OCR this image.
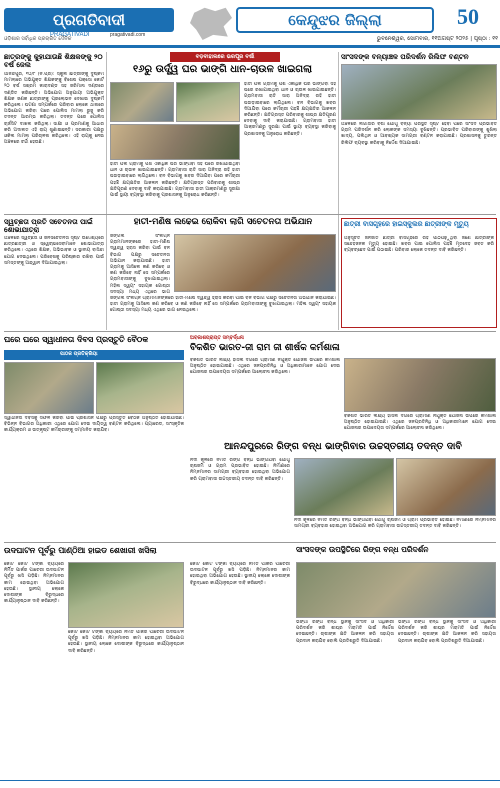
ଓଡ଼ିଶାର ସର୍ବାଧିକ ପ୍ରଚାରିତ ଦୈନିକ
ପ୍ରଗତିବାଦୀ
PRAGATIVADI	pragativadi.com
କେନ୍ଦୁଝର ଜିଲ୍ଲା	50
ଭୁବନେଶ୍ୱର, ସୋମବାର, ୧୧ଅଗଷ୍ଟ ୨୦୨୫ | ପୃଷ୍ଠା : ୧୧
ଛାତ୍ରଙ୍କୁ କୁହାଯାଉଛି ଶିକ୍ଷକଙ୍କୁ ୨୦ ବର୍ଷ ଜେଲ
ଆନନ୍ଦପୁର, ୧୦/୮ (ନି.ପ୍ର): ସ୍କୁଲ ଛାତ୍ରୀଙ୍କୁ ଦୁଷ୍କର୍ମ ମାମଲାରେ ଅଭିଯୁକ୍ତ ଶିକ୍ଷକଙ୍କୁ ବିଶେଷ ପକ୍ସୋ କୋର୍ଟ ୨୦ ବର୍ଷ ସଶ୍ରମ କାରାଦଣ୍ଡ ସହ ଜରିମାନା ଦଣ୍ଡରେ ଦଣ୍ଡିତ କରିଛନ୍ତି। ଅଭିଯୋଗ ଅନୁଯାୟୀ ଅଭିଯୁକ୍ତ ଶିକ୍ଷକ ଜଣକ ଛାତ୍ରୀଙ୍କୁ ପ୍ରଲୋଭନ ଦେଖାଇ ଦୁଷ୍କର୍ମ କରିଥିଲେ। ଘଟଣା ସମ୍ପର୍କରେ ପରିବାର ଲୋକେ ଥାନାରେ ଅଭିଯୋଗ କରିବା ପରେ ପୋଲିସ ମାମଲା ରୁଜୁ କରି ତଦନ୍ତ ଆରମ୍ଭ କରିଥିଲା। ତଦନ୍ତ ପରେ ପୋଲିସ ଚାର୍ଜସିଟ ଦାଖଲ କରିଥିଲା। ସାକ୍ଷୀ ଓ ପ୍ରମାଣକୁ ଆଧାର କରି ଅଦାଲତ ଏହି ରାୟ ଶୁଣାଇଛନ୍ତି। ସରକାରୀ ପକ୍ଷରୁ ଓକିଲ ମାମଲା ପରିଚାଳନା କରିଥିଲେ। ଏହି ରାୟକୁ ନେଇ ଅଞ୍ଚଳରେ ଚର୍ଚ୍ଚା ହେଉଛି।
ବଡ଼ବାହାଲରେ ଭରପୂର ବର୍ଷା
୧୬ରୁ ଉର୍ଦ୍ଧ୍ୱ ଘର ଭାଙ୍ଗି ଧାନ-ଚାଉଳ ଖାଇଗଲା
ହାତୀ ପଲ ଗ୍ରାମକୁ ପଶି ଏକାଧିକ ଘର ଭାଙ୍ଗିବା ସହ ଘରେ ରଖାଯାଇଥିବା ଧାନ ଓ ଚାଉଳ ଖାଇଯାଇଛନ୍ତି। ଗ୍ରାମବାସୀ ରାତି ସାରା ଅନିଦ୍ରା ରହି ହାତୀ ଘଉଡ଼ାଇବାରେ ଲାଗିଥିଲେ। ବନ ବିଭାଗକୁ ଖବର ଦିଆଯିବା ପରେ କର୍ମଚାରୀ ପହଞ୍ଚି କ୍ଷୟକ୍ଷତିର ଆକଳନ କରିଛନ୍ତି। କ୍ଷତିଗ୍ରସ୍ତ ପରିବାରକୁ ଶୀଘ୍ର କ୍ଷତିପୂରଣ ଦେବାକୁ ଦାବି କରାଯାଇଛି। ଗ୍ରାମବାସୀ ହାତୀ ଆକ୍ରମଣରୁ ସୁରକ୍ଷା ପାଇଁ ସ୍ଥାୟୀ ବ୍ୟବସ୍ଥା କରିବାକୁ ପ୍ରଶାସନକୁ ଅନୁରୋଧ କରିଛନ୍ତି।
ହାତୀ ପଲ ଗ୍ରାମକୁ ପଶି ଏକାଧିକ ଘର ଭାଙ୍ଗିବା ସହ ଘରେ ରଖାଯାଇଥିବା ଧାନ ଓ ଚାଉଳ ଖାଇଯାଇଛନ୍ତି। ଗ୍ରାମବାସୀ ରାତି ସାରା ଅନିଦ୍ରା ରହି ହାତୀ ଘଉଡ଼ାଇବାରେ ଲାଗିଥିଲେ। ବନ ବିଭାଗକୁ ଖବର ଦିଆଯିବା ପରେ କର୍ମଚାରୀ ପହଞ୍ଚି କ୍ଷୟକ୍ଷତିର ଆକଳନ କରିଛନ୍ତି। କ୍ଷତିଗ୍ରସ୍ତ ପରିବାରକୁ ଶୀଘ୍ର କ୍ଷତିପୂରଣ ଦେବାକୁ ଦାବି କରାଯାଇଛି। ଗ୍ରାମବାସୀ ହାତୀ ଆକ୍ରମଣରୁ ସୁରକ୍ଷା ପାଇଁ ସ୍ଥାୟୀ ବ୍ୟବସ୍ଥା କରିବାକୁ ପ୍ରଶାସନକୁ ଅନୁରୋଧ କରିଛନ୍ତି।
ସାଂସଦଙ୍କ ବନ୍ୟାଞ୍ଚଳ ପରିଦର୍ଶନ ରିଲିଫ ବଣ୍ଟନ
ଅଞ୍ଚଳରେ ଲଗାତାର ବର୍ଷା ଯୋଗୁଁ ବନ୍ୟା ପରିସ୍ଥିତି ସୃଷ୍ଟି ହେବା ପରେ ସାଂସଦ ପ୍ରଭାବିତ ଗ୍ରାମ ପରିଦର୍ଶନ କରି ଲୋକଙ୍କ ସମସ୍ୟା ବୁଝିଛନ୍ତି। ପ୍ରଭାବିତ ପରିବାରଙ୍କୁ ଶୁଖିଲା ଖାଦ୍ୟ, ପଲିଥିନ ଓ ଆବଶ୍ୟକ ସାମଗ୍ରୀ ବଣ୍ଟନ କରାଯାଇଛି। ପ୍ରଶାସନକୁ ତୁରନ୍ତ ରିଲିଫ ବ୍ୟବସ୍ଥା କରିବାକୁ ନିର୍ଦ୍ଦେଶ ଦିଆଯାଇଛି।
ସ୍ୱଚ୍ଛତା ପ୍ରତି ସଚେତନତା ପାଇଁ ଶୋଭାଯାତ୍ରା
ଅଞ୍ଚଳରେ ସ୍ୱଚ୍ଛତା ଓ ଜନସଚେତନତା ସୃଷ୍ଟି ଉଦ୍ଦେଶ୍ୟରେ ଛାତ୍ରଛାତ୍ରୀ ଓ ସ୍ୱେଚ୍ଛାସେବୀମାନେ ଶୋଭାଯାତ୍ରା କରିଥିଲେ। ଏଥିରେ ଶିକ୍ଷକ, ଅଭିଭାବକ ଓ ସ୍ଥାନୀୟ ବାସିନ୍ଦା ଯୋଗ ଦେଇଥିଲେ। ପରିବେଶକୁ ପରିଷ୍କାର ରଖିବା ପାଇଁ ସମସ୍ତଙ୍କୁ ଆହ୍ୱାନ ଦିଆଯାଇଥିଲା।
ହାତୀ-ମଣିଷ ଲଢେଇ ରୋକିବା ଲାଗି ସଚେତନତା ଅଭିଯାନ
ଜଙ୍ଗଲ ସଂଲଗ୍ନ ଗ୍ରାମମାନଙ୍କରେ ହାତୀ-ମଣିଷ ଦ୍ୱନ୍ଦ୍ୱ ହ୍ରାସ କରିବା ପାଇଁ ବନ ବିଭାଗ ପକ୍ଷରୁ ସଚେତନତା ଅଭିଯାନ କରାଯାଇଛି। ହାତୀ ଗ୍ରାମକୁ ଆସିଲେ କଣ କରିବେ ଓ କଣ କରିବେ ନାହିଁ ସେ ସମ୍ପର୍କରେ ଗ୍ରାମବାସୀଙ୍କୁ ବୁଝାଯାଇଥିଲା। ମହିଳା ସ୍ୱୟଂ ସହାୟକ ଗୋଷ୍ଠୀ ସଦସ୍ୟା ମଧ୍ୟ ଏଥିରେ ଭାଗ
ଜଙ୍ଗଲ ସଂଲଗ୍ନ ଗ୍ରାମମାନଙ୍କରେ ହାତୀ-ମଣିଷ ଦ୍ୱନ୍ଦ୍ୱ ହ୍ରାସ କରିବା ପାଇଁ ବନ ବିଭାଗ ପକ୍ଷରୁ ସଚେତନତା ଅଭିଯାନ କରାଯାଇଛି। ହାତୀ ଗ୍ରାମକୁ ଆସିଲେ କଣ କରିବେ ଓ କଣ କରିବେ ନାହିଁ ସେ ସମ୍ପର୍କରେ ଗ୍ରାମବାସୀଙ୍କୁ ବୁଝାଯାଇଥିଲା। ମହିଳା ସ୍ୱୟଂ ସହାୟକ ଗୋଷ୍ଠୀ ସଦସ୍ୟା ମଧ୍ୟ ଏଥିରେ ଭାଗ ନେଇଥିଲେ।
ଛାତ୍ରୀ ବାସଗୃହରେ ହାଇସ୍କୁଲର ଛାତ୍ରୀଙ୍କ ମୃତ୍ୟୁ
ଅନୁସୂଚିତ ଜନଜାତି ଛାତ୍ରୀ ବାସଗୃହରେ ରହି ପାଠପଢ଼ୁଥିବା ଜଣେ ଛାତ୍ରୀଙ୍କ ସନ୍ଦେହଜନକ ମୃତ୍ୟୁ ହୋଇଛି। ଖବର ପାଇ ପୋଲିସ ପହଞ୍ଚି ମୃତଦେହ ଜବତ କରି ବ୍ୟବଚ୍ଛେଦ ପାଇଁ ପଠାଇଛି। ପରିବାର ଲୋକେ ତଦନ୍ତ ଦାବି କରିଛନ୍ତି।
ଘରେ ଘରେ ସ୍ୱାଧୀନତା ଦିବସ ପ୍ରସ୍ତୁତି ବୈଠକ
ପାଠକ ପ୍ରତିକ୍ରିୟା
ସ୍ୱାଧୀନତା ଦିବସକୁ ସଫଳ କରିବା ପାଇଁ ପ୍ରଶାସନ ପକ୍ଷରୁ ପ୍ରସ୍ତୁତି ବୈଠକ ଅନୁଷ୍ଠିତ ହୋଇଯାଇଛି। ବିଭିନ୍ନ ବିଭାଗର ଅଧିକାରୀ ଏଥିରେ ଯୋଗ ଦେଇ ଦାୟିତ୍ୱ ବଣ୍ଟନ କରିଥିଲେ। ପ୍ୟାରେଡ, ସାଂସ୍କୃତିକ କାର୍ଯ୍ୟକ୍ରମ ଓ ଉତ୍କୃଷ୍ଟ କର୍ମଚାରୀଙ୍କୁ ସମ୍ମାନିତ କରାଯିବ।
ଅବକାଶପ୍ରାପ୍ତ ସମ୍ବର୍ଦ୍ଧନା
ବିକଶିତ ଭାରତ-ଜୀ ରାମ ଜୀ ଶୀର୍ଷକ କର୍ମଶାଳା
ବିକଶିତ ଭାରତ ଲକ୍ଷ୍ୟ ହାସଲ ଦିଗରେ ଗ୍ରାମୀଣ ନିଯୁକ୍ତି ଯୋଜନା ଉପରେ କର୍ମଶାଳା ଅନୁଷ୍ଠିତ ହୋଇଯାଇଛି। ଏଥିରେ ଜନପ୍ରତିନିଧି ଓ ଅଧିକାରୀମାନେ ଯୋଗ ଦେଇ ଯୋଜନାର ଉପାଦେୟତା ସମ୍ପର୍କରେ ଆଲୋଚନା କରିଥିଲେ।
ବିକଶିତ ଭାରତ ଲକ୍ଷ୍ୟ ହାସଲ ଦିଗରେ ଗ୍ରାମୀଣ ନିଯୁକ୍ତି ଯୋଜନା ଉପରେ କର୍ମଶାଳା ଅନୁଷ୍ଠିତ ହୋଇଯାଇଛି। ଏଥିରେ ଜନପ୍ରତିନିଧି ଓ ଅଧିକାରୀମାନେ ଯୋଗ ଦେଇ ଯୋଜନାର ଉପାଦେୟତା ସମ୍ପର୍କରେ ଆଲୋଚନା କରିଥିଲେ।
ଆନନ୍ଦପୁରରେ ରିଙ୍ଗ ବନ୍ଧ ଭାଙ୍ଗିବାର ଉଚ୍ଚସ୍ତରୀୟ ତଦନ୍ତ ଦାବି
ନଦୀ କୂଳରେ ନିର୍ମିତ ରିଙ୍ଗ ବନ୍ଧ ଭାଙ୍ଗିଯିବା ଯୋଗୁଁ ଚାଷଜମି ଓ ଗ୍ରାମ ପ୍ରଭାବିତ ହୋଇଛି। ନିର୍ମାଣରେ ନିମ୍ନମାନର ସାମଗ୍ରୀ ବ୍ୟବହାର ହୋଇଥିବା ଅଭିଯୋଗ କରି ଗ୍ରାମବାସୀ ଉଚ୍ଚସ୍ତରୀୟ ତଦନ୍ତ ଦାବି କରିଛନ୍ତି।
ନଦୀ କୂଳରେ ନିର୍ମିତ ରିଙ୍ଗ ବନ୍ଧ ଭାଙ୍ଗିଯିବା ଯୋଗୁଁ ଚାଷଜମି ଓ ଗ୍ରାମ ପ୍ରଭାବିତ ହୋଇଛି। ନିର୍ମାଣରେ ନିମ୍ନମାନର ସାମଗ୍ରୀ ବ୍ୟବହାର ହୋଇଥିବା ଅଭିଯୋଗ କରି ଗ୍ରାମବାସୀ ଉଚ୍ଚସ୍ତରୀୟ ତଦନ୍ତ ଦାବି କରିଛନ୍ତି।
ଉଦଘାଟନ ପୂର୍ବରୁ ପାଣ୍ଠିଆ ହାଇଡ ଶେଖାରୀ ଖସିଲା
କୋଟି କୋଟି ଟଙ୍କା ବ୍ୟୟରେ ନିର୍ମିତ ପାର୍କର ପାଚେରୀ ଉଦଘାଟନ ପୂର୍ବରୁ ଖସି ପଡ଼ିଛି। ନିମ୍ନମାନର କାମ ହୋଇଥିବା ଅଭିଯୋଗ ହେଉଛି। ସ୍ଥାନୀୟ ଲୋକେ ଦୋଷୀଙ୍କ ବିରୁଦ୍ଧରେ କାର୍ଯ୍ୟାନୁଷ୍ଠାନ ଦାବି କରିଛନ୍ତି।
କୋଟି କୋଟି ଟଙ୍କା ବ୍ୟୟରେ ନିର୍ମିତ ପାର୍କର ପାଚେରୀ ଉଦଘାଟନ ପୂର୍ବରୁ ଖସି ପଡ଼ିଛି। ନିମ୍ନମାନର କାମ ହୋଇଥିବା ଅଭିଯୋଗ ହେଉଛି। ସ୍ଥାନୀୟ ଲୋକେ ଦୋଷୀଙ୍କ ବିରୁଦ୍ଧରେ କାର୍ଯ୍ୟାନୁଷ୍ଠାନ ଦାବି କରିଛନ୍ତି।
କୋଟି କୋଟି ଟଙ୍କା ବ୍ୟୟରେ ନିର୍ମିତ ପାର୍କର ପାଚେରୀ ଉଦଘାଟନ ପୂର୍ବରୁ ଖସି ପଡ଼ିଛି। ନିମ୍ନମାନର କାମ ହୋଇଥିବା ଅଭିଯୋଗ ହେଉଛି। ସ୍ଥାନୀୟ ଲୋକେ ଦୋଷୀଙ୍କ ବିରୁଦ୍ଧରେ କାର୍ଯ୍ୟାନୁଷ୍ଠାନ ଦାବି କରିଛନ୍ତି।
ସାଂସଦଙ୍କ ଉପସ୍ଥିତିରେ ରିଙ୍ଗ ବନ୍ଧ ପରିଦର୍ଶନ
ଭଙ୍ଗା ରିଙ୍ଗ ବନ୍ଧ ସ୍ଥାନକୁ ସାଂସଦ ଓ ଅଧିକାରୀ ପରିଦର୍ଶନ କରି ଶୀଘ୍ର ମରାମତି ପାଇଁ ନିର୍ଦ୍ଦେଶ ଦେଇଛନ୍ତି। ଚାଷୀଙ୍କ କ୍ଷତି ଆକଳନ କରି ସହାୟତା ପ୍ରଦାନ କରାଯିବ ବୋଲି ପ୍ରତିଶ୍ରୁତି ଦିଆଯାଇଛି।
ଭଙ୍ଗା ରିଙ୍ଗ ବନ୍ଧ ସ୍ଥାନକୁ ସାଂସଦ ଓ ଅଧିକାରୀ ପରିଦର୍ଶନ କରି ଶୀଘ୍ର ମରାମତି ପାଇଁ ନିର୍ଦ୍ଦେଶ ଦେଇଛନ୍ତି। ଚାଷୀଙ୍କ କ୍ଷତି ଆକଳନ କରି ସହାୟତା ପ୍ରଦାନ କରାଯିବ ବୋଲି ପ୍ରତିଶ୍ରୁତି ଦିଆଯାଇଛି।
